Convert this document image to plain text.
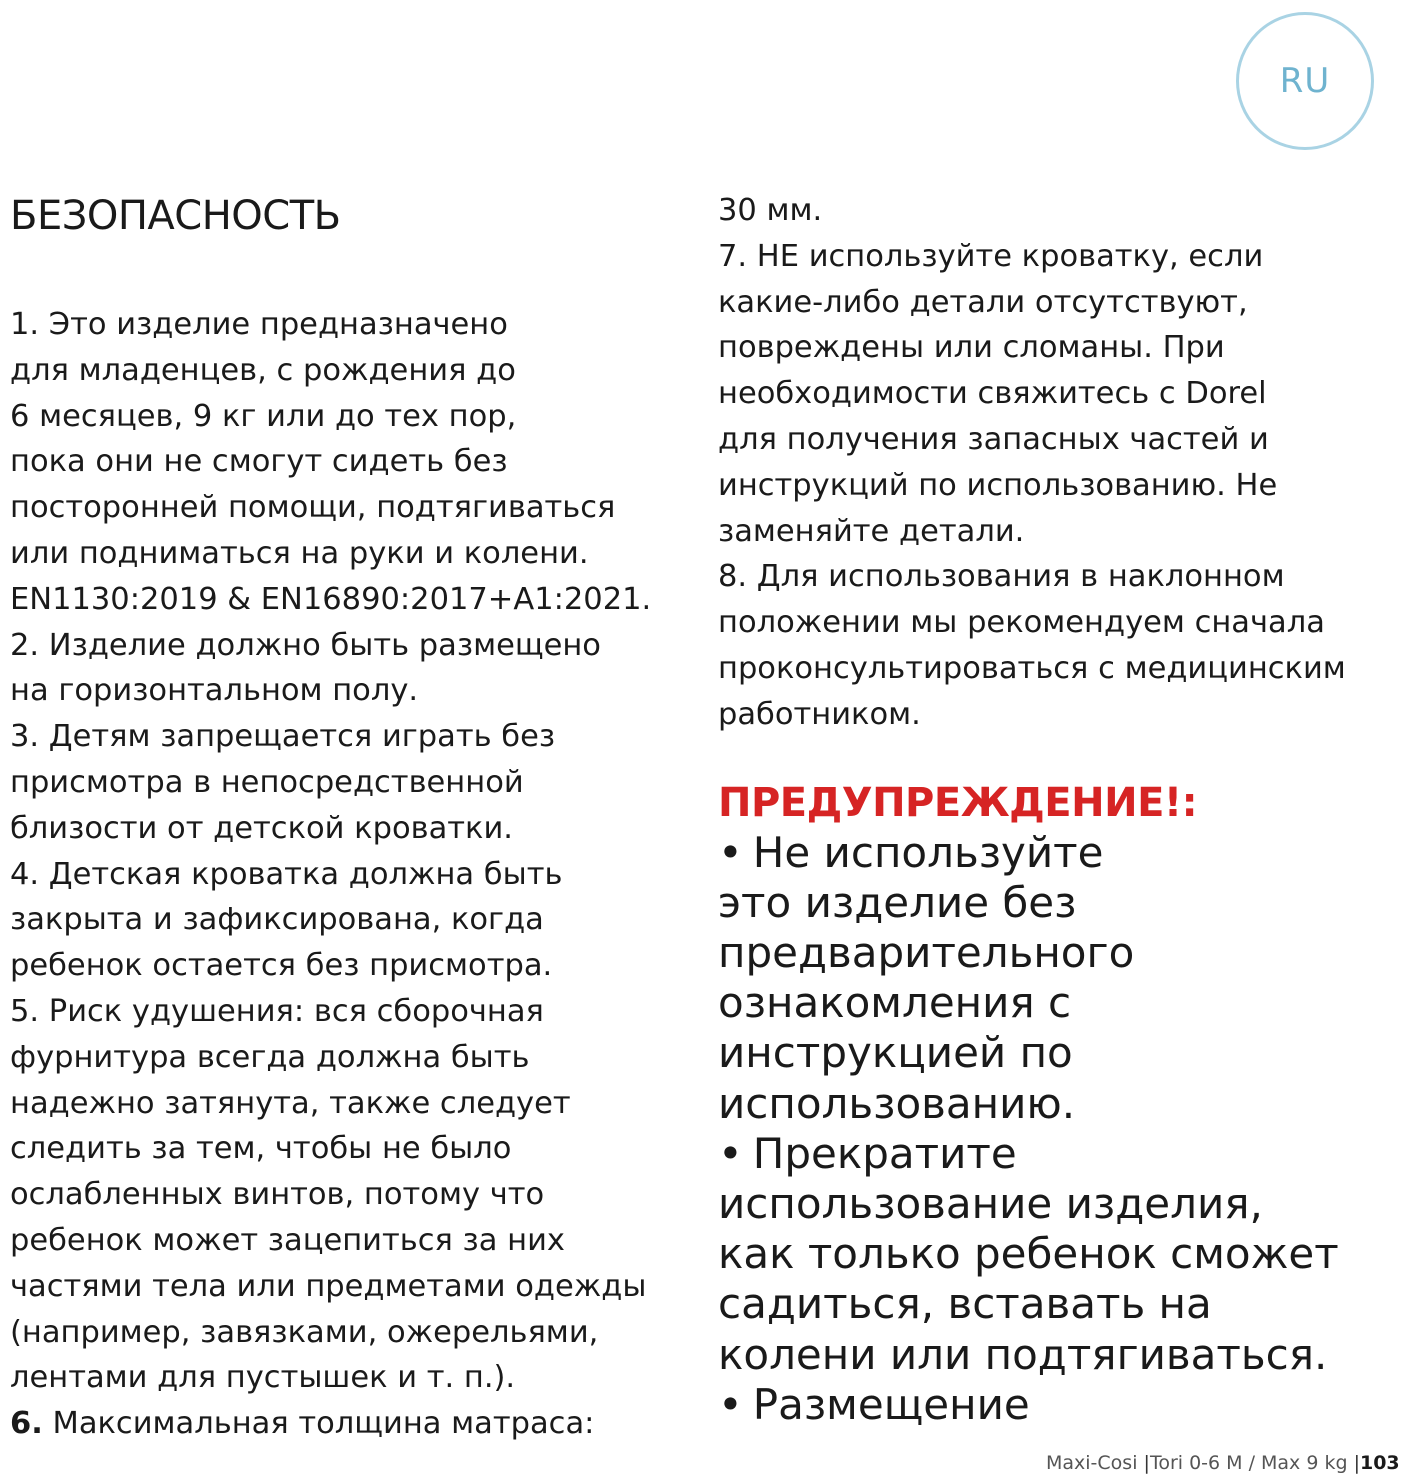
RU
БЕЗОПАСНОСТЬ

1. Это изделие предназначено
для младенцев, с рождения до
6 месяцев, 9 кг или до тех пор,
пока они не смогут сидеть без
посторонней помощи, подтягиваться
или подниматься на руки и колени.
EN1130:2019 & EN16890:2017+A1:2021.

2. Изделие должно быть размещено
на горизонтальном полу.

3. Детям запрещается играть без
присмотра в непосредственной
близости от детской кроватки.

4. Детская кроватка должна быть
закрыта и зафиксирована, когда
ребенок остается без присмотра.

5. Риск удушения: вся сборочная
фурнитура всегда должна быть
надежно затянута, также следует
следить за тем, чтобы не было
ослабленных винтов, потому что
ребенок может зацепиться за них
частями тела или предметами одежды
(например, завязками, ожерельями,
лентами для пустышек и т. п.).

6. Максимальная толщина матраса:

30 мм.

7. НЕ используйте кроватку, если
какие-либо детали отсутствуют,
повреждены или сломаны. При
необходимости свяжитесь с Dorel
для получения запасных частей и
инструкций по использованию. Не
заменяйте детали.

8. Для использования в наклонном
положении мы рекомендуем сначала
проконсультироваться с медицинским
работником.

ПРЕДУПРЕЖДЕНИЕ!:

• Не используйте
это изделие без
предварительного
ознакомления с
инструкцией по
использованию.

• Прекратите
использование изделия,
как только ребенок сможет
садиться, вставать на
колени или подтягиваться.

• Размещение

Maxi-Cosi |Tori 0-6 M / Max 9 kg |103
